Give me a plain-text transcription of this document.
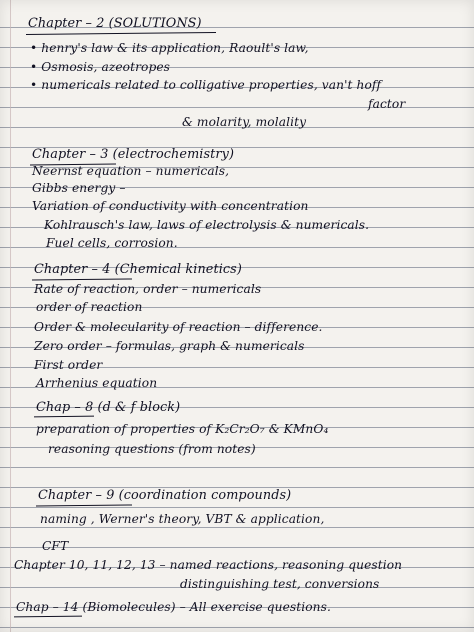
Chapter – 2 (SOLUTIONS)
• henry's law & its application, Raoult's law,
• Osmosis, azeotropes
• numericals related to colligative properties, van't hoff
factor
& molarity, molality
Chapter – 3 (electrochemistry)
Neernst equation – numericals,
Gibbs energy –
Variation of conductivity with concentration
Kohlrausch's law, laws of electrolysis & numericals.
Fuel cells, corrosion.
Chapter – 4 (Chemical kinetics)
Rate of reaction, order – numericals
order of reaction
Order & molecularity of reaction – difference.
Zero order – formulas, graph & numericals
First order
Arrhenius equation
Chap – 8 (d & f block)
preparation of properties of K₂Cr₂O₇ & KMnO₄
reasoning questions (from notes)
Chapter – 9 (coordination compounds)
naming , Werner's theory, VBT & application,
CFT
Chapter 10, 11, 12, 13 – named reactions, reasoning question
distinguishing test, conversions
Chap – 14 (Biomolecules) – All exercise questions.
